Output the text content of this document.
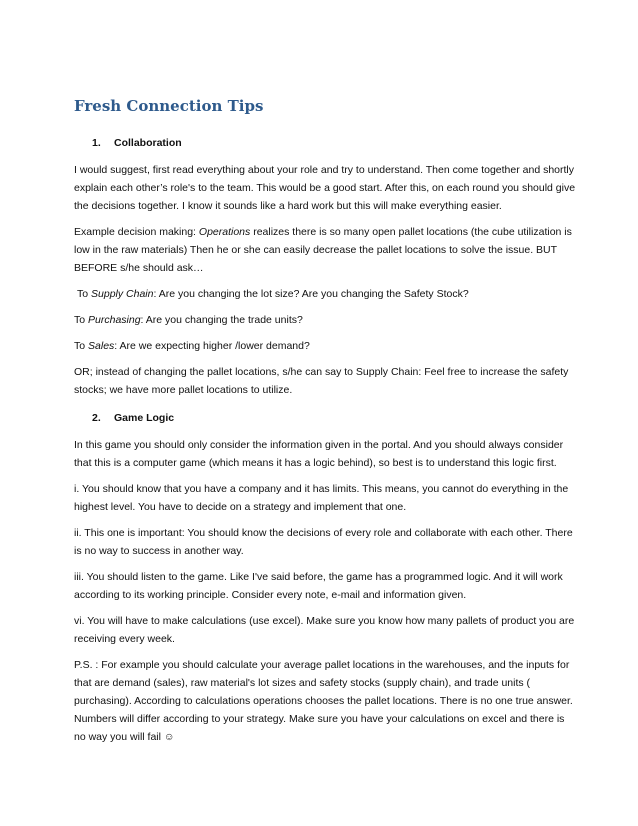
Fresh Connection Tips
1. Collaboration

I would suggest, first read everything about your role and try to understand. Then come together and shortly explain each other’s role's to the team. This would be a good start. After this, on each round you should give the decisions together. I know it sounds like a hard work but this will make everything easier.

Example decision making: Operations realizes there is so many open pallet locations (the cube utilization is low in the raw materials) Then he or she can easily decrease the pallet locations to solve the issue. BUT BEFORE s/he should ask…

To Supply Chain: Are you changing the lot size? Are you changing the Safety Stock?

To Purchasing: Are you changing the trade units?

To Sales: Are we expecting higher /lower demand?

OR; instead of changing the pallet locations, s/he can say to Supply Chain: Feel free to increase the safety stocks; we have more pallet locations to utilize.

2. Game Logic

In this game you should only consider the information given in the portal. And you should always consider that this is a computer game (which means it has a logic behind), so best is to understand this logic first.

i. You should know that you have a company and it has limits. This means, you cannot do everything in the highest level. You have to decide on a strategy and implement that one.

ii. This one is important: You should know the decisions of every role and collaborate with each other. There is no way to success in another way.

iii. You should listen to the game. Like I've said before, the game has a programmed logic. And it will work according to its working principle. Consider every note, e-mail and information given.

vi. You will have to make calculations (use excel). Make sure you know how many pallets of product you are receiving every week.

P.S. : For example you should calculate your average pallet locations in the warehouses, and the inputs for that are demand (sales), raw material's lot sizes and safety stocks (supply chain), and trade units ( purchasing). According to calculations operations chooses the pallet locations. There is no one true answer. Numbers will differ according to your strategy. Make sure you have your calculations on excel and there is no way you will fail ☺
